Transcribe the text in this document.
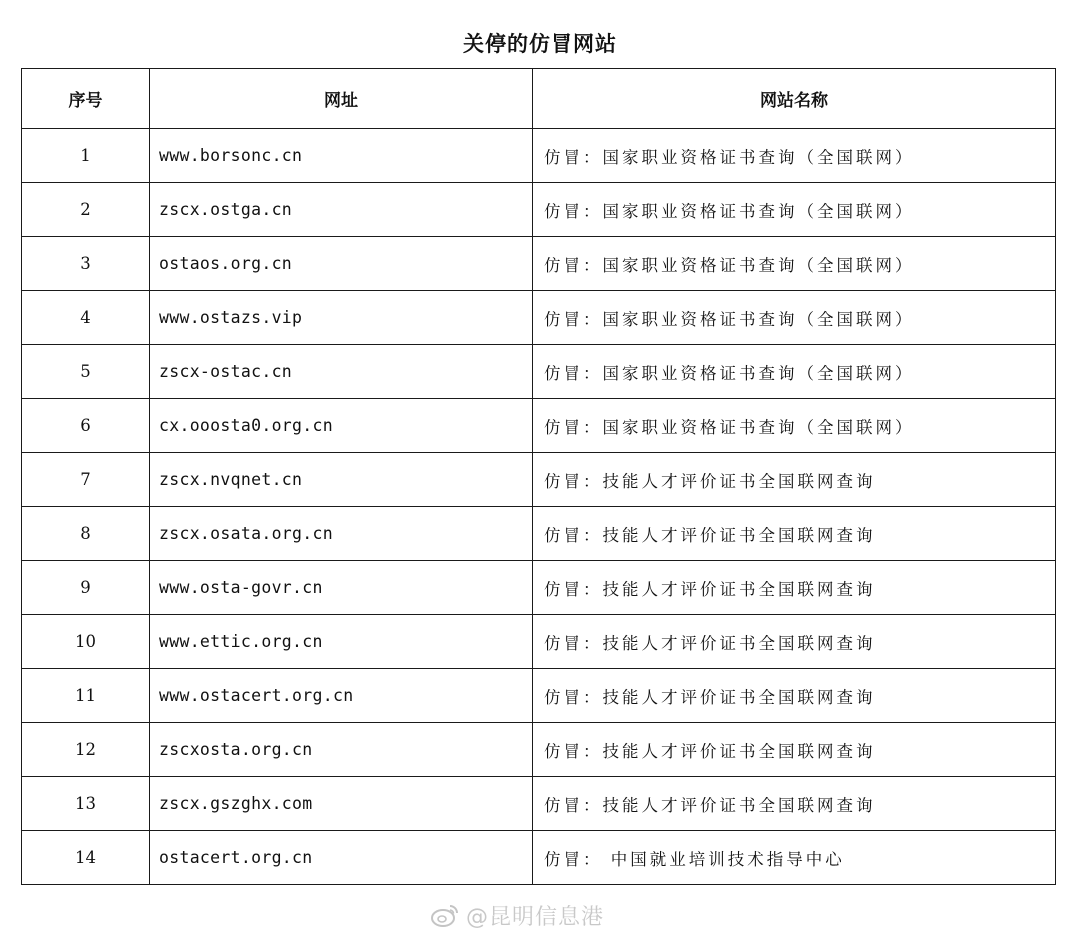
关停的仿冒网站
序号	网址	网站名称
1	www.borsonc.cn	仿冒：国家职业资格证书查询（全国联网）
2	zscx.ostga.cn	仿冒：国家职业资格证书查询（全国联网）
3	ostaos.org.cn	仿冒：国家职业资格证书查询（全国联网）
4	www.ostazs.vip	仿冒：国家职业资格证书查询（全国联网）
5	zscx-ostac.cn	仿冒：国家职业资格证书查询（全国联网）
6	cx.ooosta0.org.cn	仿冒：国家职业资格证书查询（全国联网）
7	zscx.nvqnet.cn	仿冒：技能人才评价证书全国联网查询
8	zscx.osata.org.cn	仿冒：技能人才评价证书全国联网查询
9	www.osta-govr.cn	仿冒：技能人才评价证书全国联网查询
10	www.ettic.org.cn	仿冒：技能人才评价证书全国联网查询
11	www.ostacert.org.cn	仿冒：技能人才评价证书全国联网查询
12	zscxosta.org.cn	仿冒：技能人才评价证书全国联网查询
13	zscx.gszghx.com	仿冒：技能人才评价证书全国联网查询
14	ostacert.org.cn	仿冒： 中国就业培训技术指导中心
@昆明信息港
